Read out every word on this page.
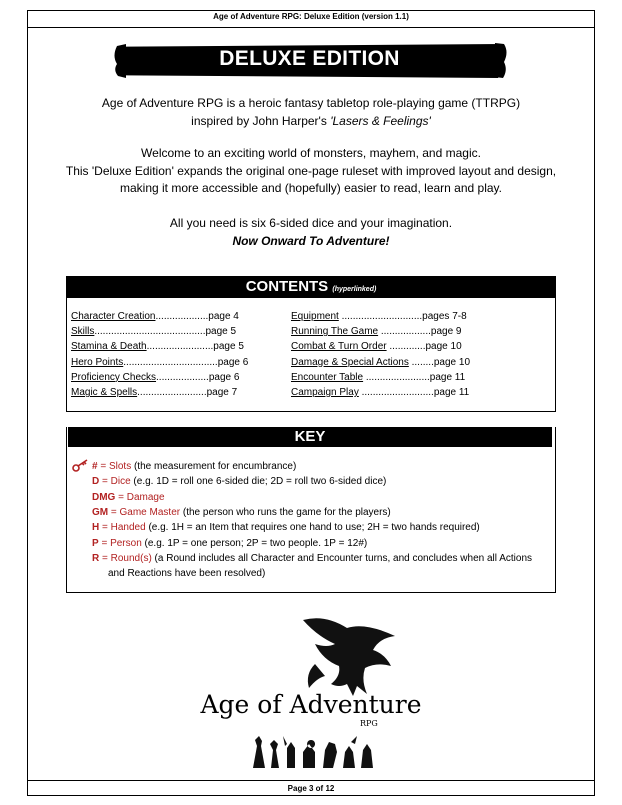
Age of Adventure RPG: Deluxe Edition (version 1.1)
DELUXE EDITION
Age of Adventure RPG is a heroic fantasy tabletop role-playing game (TTRPG)
inspired by John Harper's 'Lasers & Feelings'
Welcome to an exciting world of monsters, mayhem, and magic.
This 'Deluxe Edition' expands the original one-page ruleset with improved layout and design,
making it more accessible and (hopefully) easier to read, learn and play.
All you need is six 6-sided dice and your imagination.
Now Onward To Adventure!
CONTENTS (hyperlinked)
Character Creation...................page 4
Skills........................................page 5
Stamina & Death........................page 5
Hero Points..................................page 6
Proficiency Checks...................page 6
Magic & Spells.........................page 7
Equipment .............................pages 7-8
Running The Game ..................page 9
Combat & Turn Order .............page 10
Damage & Special Actions ........page 10
Encounter Table .......................page 11
Campaign Play ..........................page 11
KEY
# = Slots (the measurement for encumbrance)
D = Dice (e.g. 1D = roll one 6-sided die; 2D = roll two 6-sided dice)
DMG = Damage
GM = Game Master (the person who runs the game for the players)
H = Handed (e.g. 1H = an Item that requires one hand to use; 2H = two hands required)
P = Person (e.g. 1P = one person; 2P = two people. 1P = 12#)
R = Round(s) (a Round includes all Character and Encounter turns, and concludes when all Actions
and Reactions have been resolved)
Age of Adventure
RPG
Page 3 of 12
